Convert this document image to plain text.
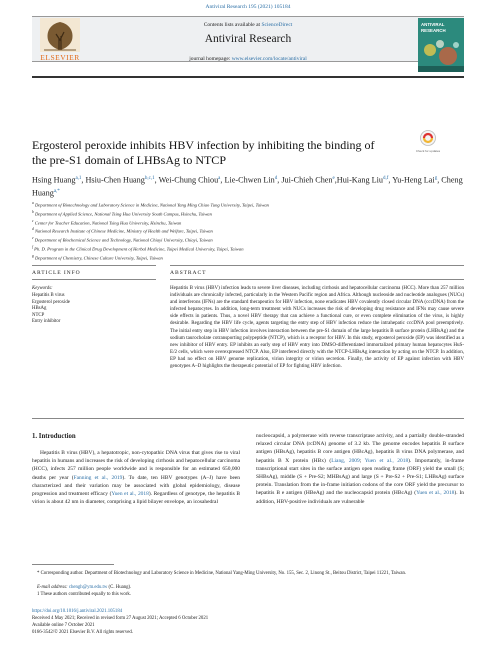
Antiviral Research 195 (2021) 105184
ELSEVIER
Contents lists available at ScienceDirect
Antiviral Research
journal homepage: www.elsevier.com/locate/antiviral
ANTIVIRAL RESEARCH
Ergosterol peroxide inhibits HBV infection by inhibiting the binding of the pre-S1 domain of LHBsAg to NTCP
Check for updates
Hsing Huang$^{a,1}$, Hsiu-Chen Huang$^{b,c,1}$, Wei-Chung Chiou$^a$, Lie-Chwen Lin$^d$, Jui-Chieh Chen$^e$,Hui-Kang Liu$^{d,f}$, Yu-Heng Lai$^g$, Cheng Huang$^{a,*}$
$^a$ Department of Biotechnology and Laboratory Science in Medicine, National Yang Ming Chiao Tung University, Taipei, Taiwan
$^b$ Department of Applied Science, National Tsing Hua University South Campus, Hsinchu, Taiwan
$^c$ Center for Teacher Education, National Tsing Hua University, Hsinchu, Taiwan
$^d$ National Research Institute of Chinese Medicine, Ministry of Health and Welfare, Taipei, Taiwan
$^e$ Department of Biochemical Science and Technology, National Chiayi University, Chiayi, Taiwan
$^f$ Ph. D. Program in the Clinical Drug Development of Herbal Medicine, Taipei Medical University, Taipei, Taiwan
$^g$ Department of Chemistry, Chinese Culture University, Taipei, Taiwan
ARTICLE INFO	ABSTRACT
Keywords:
Hepatitis B virus
Ergosterol peroxide
HBsAg
NTCP
Entry inhibitor
Hepatitis B virus (HBV) infection leads to severe liver diseases, including cirrhosis and hepatocellular carcinoma (HCC). More than 257 million individuals are chronically infected, particularly in the Western Pacific region and Africa. Although nucleoside and nucleotide analogues (NUCs) and interferons (IFNs) are the standard therapeutics for HBV infection, none eradicates HBV covalently closed circular DNA (cccDNA) from the infected hepatocytes. In addition, long-term treatment with NUCs increases the risk of developing drug resistance and IFNs may cause severe side effects in patients. Thus, a novel HBV therapy that can achieve a functional cure, or even complete elimination of the virus, is highly desirable. Regarding the HBV life cycle, agents targeting the entry step of HBV infection reduce the intrahepatic cccDNA pool preemptively. The initial entry step in HBV infection involves interaction between the pre-S1 domain of the large hepatitis B surface protein (LHBsAg) and the sodium taurocholate cotransporting polypeptide (NTCP), which is a receptor for HBV. In this study, ergosterol peroxide (EP) was identified as a new inhibitor of HBV entry. EP inhibits an early step of HBV entry into DMSO-differentiated immortalized primary human hepatocytes HuS-E/2 cells, which were overexpressed NTCP. Also, EP interfered directly with the NTCP-LHBsAg interaction by acting on the NTCP. In addition, EP had no effect on HBV genome replication, virion integrity or virion secretion. Finally, the activity of EP against infection with HBV genotypes A–D highlights the therapeutic potential of EP for fighting HBV infection.
1. Introduction
Hepatitis B virus (HBV), a hepatotropic, non-cytopathic DNA virus that gives rise to viral hepatitis in humans and increases the risk of developing cirrhosis and hepatocellular carcinoma (HCC), infects 257 million people worldwide and is responsible for an estimated 650,000 deaths per year (Fanning et al., 2019). To date, ten HBV genotypes (A–J) have been characterized and their variation may be associated with global epidemiology, disease progression and treatment efficacy (Yuen et al., 2018). Regardless of genotype, the hepatitis B virion is about 42 nm in diameter, comprising a lipid bilayer envelope, an icosahedral
nucleocapsid, a polymerase with reverse transcriptase activity, and a partially double-stranded relaxed circular DNA (rcDNA) genome of 3.2 kb. The genome encodes hepatitis B surface antigen (HBsAg), hepatitis B core antigen (HBcAg), hepatitis B virus DNA polymerase, and hepatitis B X protein (HBx) (Liang, 2009; Yuen et al., 2018). Importantly, in-frame transcriptional start sites in the surface antigen open reading frame (ORF) yield the small (S; SHBsAg), middle (S + Pre-S2; MHBsAg) and large (S + Pre-S2 + Pre-S1; LHBsAg) surface protein. Translation from the in-frame initiation codons of the core ORF yield the precursor to hepatitis B e antigen (HBeAg) and the nucleocapsid protein (HBcAg) (Yuen et al., 2018). In addition, HBV-positive individuals are vulnerable
* Corresponding author. Department of Biotechnology and Laboratory Science in Medicine, National Yang-Ming University, No. 155, Sec. 2, Linong St., Beitou District, Taipei 11221, Taiwan.
E-mail address: chengh@ym.edu.tw (C. Huang).
1 These authors contributed equally to this work.
https://doi.org/10.1016/j.antiviral.2021.105184
Received 4 May 2021; Received in revised form 27 August 2021; Accepted 6 October 2021
Available online 7 October 2021
0166-3542/© 2021 Elsevier B.V. All rights reserved.
